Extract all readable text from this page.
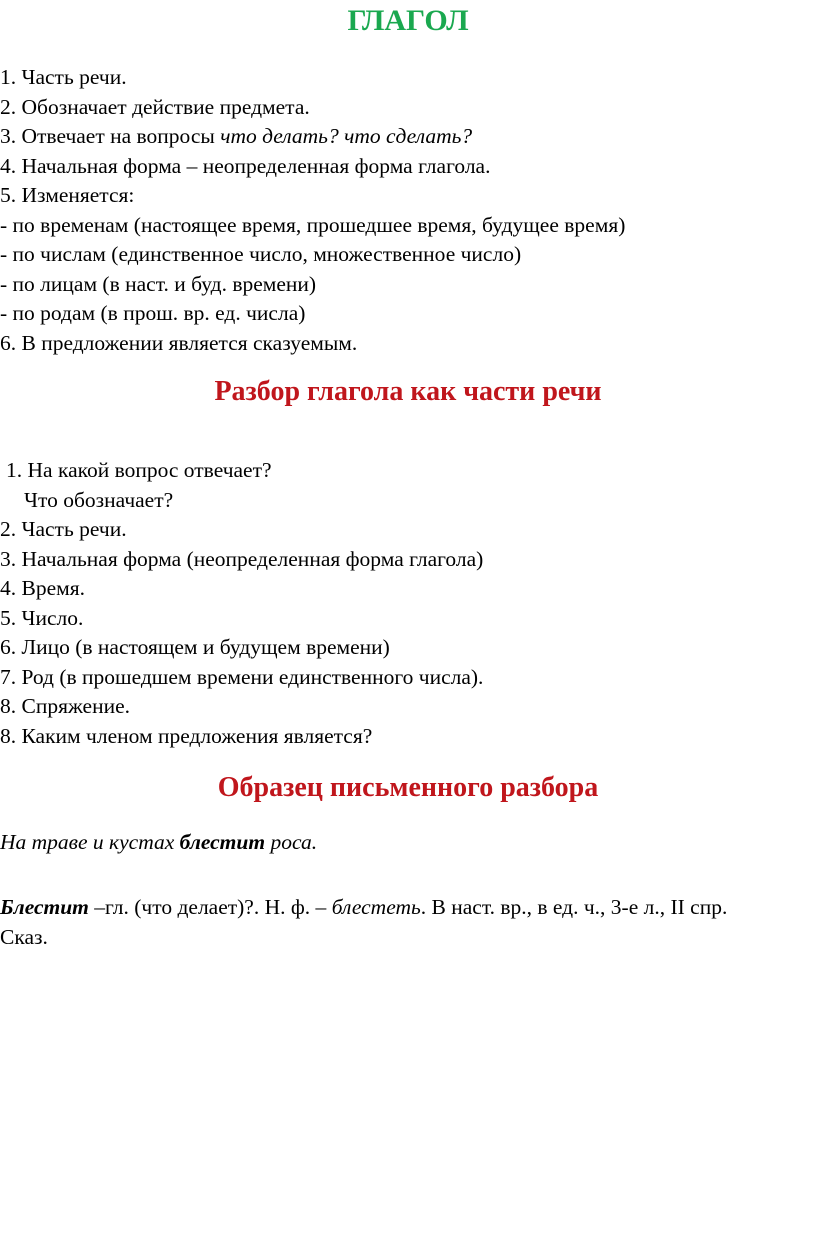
ГЛАГОЛ
1. Часть речи.
2. Обозначает действие предмета.
3. Отвечает на вопросы что делать? что сделать?
4. Начальная форма – неопределенная форма глагола.
5. Изменяется:
- по временам (настоящее время, прошедшее время, будущее время)
- по числам (единственное число, множественное число)
- по лицам (в наст. и буд. времени)
- по родам (в прош. вр. ед. числа)
6. В предложении является сказуемым.
Разбор глагола как части речи
1. На какой вопрос отвечает?
Что обозначает?
2. Часть речи.
3. Начальная форма (неопределенная форма глагола)
4. Время.
5. Число.
6. Лицо (в настоящем и будущем времени)
7. Род (в прошедшем времени единственного числа).
8. Спряжение.
8. Каким членом предложения является?
Образец письменного разбора

На траве и кустах блестит роса.

Блестит –гл. (что делает)?. Н. ф. – блестеть. В наст. вр., в ед. ч., 3-е л., II спр.
Сказ.
